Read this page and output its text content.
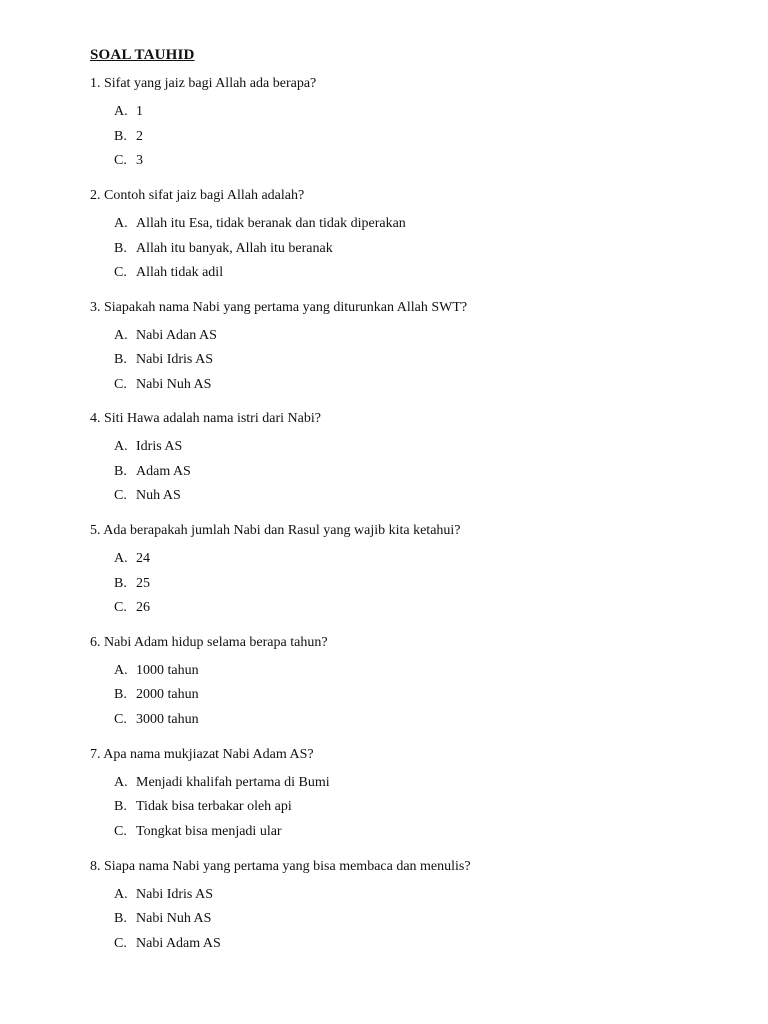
SOAL TAUHID
1. Sifat yang jaiz bagi Allah ada berapa?
A. 1
B. 2
C. 3
2. Contoh sifat jaiz bagi Allah adalah?
A. Allah itu Esa, tidak beranak dan tidak diperakan
B. Allah itu banyak, Allah itu beranak
C. Allah tidak adil
3. Siapakah nama Nabi yang pertama yang diturunkan Allah SWT?
A. Nabi Adan AS
B. Nabi Idris AS
C. Nabi Nuh AS
4. Siti Hawa adalah nama istri dari Nabi?
A. Idris AS
B. Adam AS
C. Nuh AS
5. Ada berapakah jumlah Nabi dan Rasul yang wajib kita ketahui?
A. 24
B. 25
C. 26
6. Nabi Adam hidup selama berapa tahun?
A. 1000 tahun
B. 2000 tahun
C. 3000 tahun
7. Apa nama mukjiazat Nabi Adam AS?
A. Menjadi khalifah pertama di Bumi
B. Tidak bisa terbakar oleh api
C. Tongkat bisa menjadi ular
8. Siapa nama Nabi yang pertama yang bisa membaca dan menulis?
A. Nabi Idris AS
B. Nabi Nuh AS
C. Nabi Adam AS
